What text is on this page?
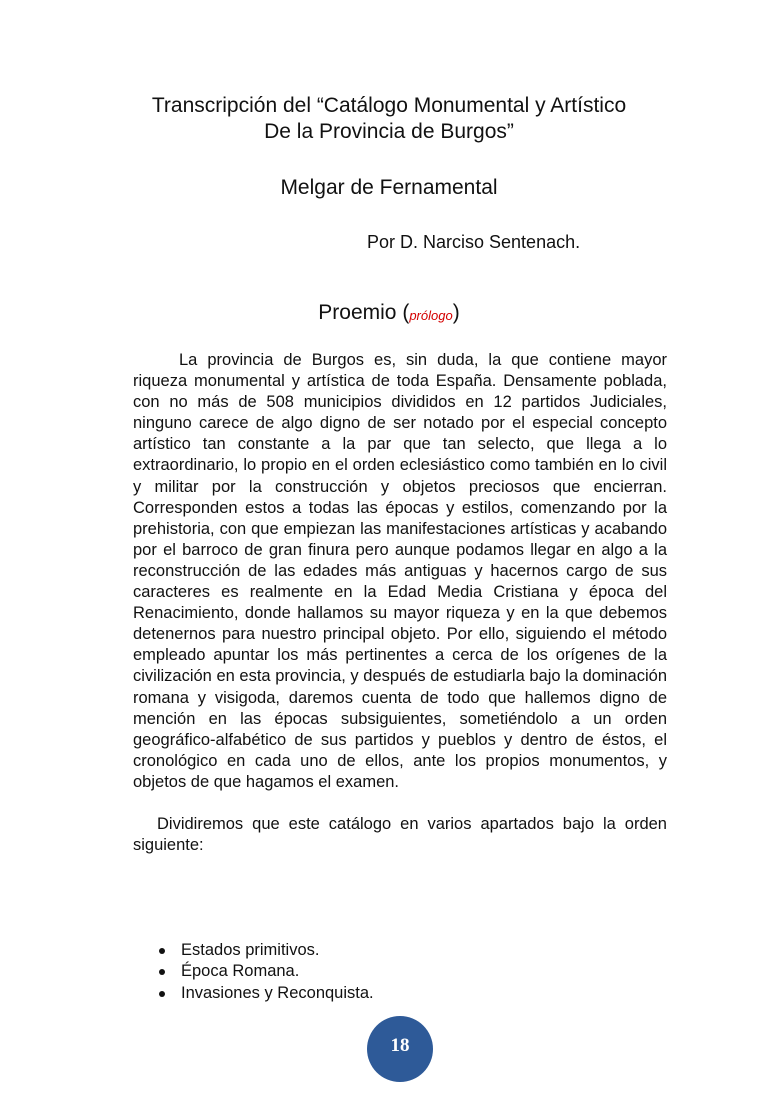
Transcripción del “Catálogo Monumental y Artístico
De la Provincia de Burgos”
Melgar de Fernamental
Por D. Narciso Sentenach.
Proemio (prólogo)

La provincia de Burgos es, sin duda, la que contiene mayor riqueza monumental y artística de toda España. Densamente poblada, con no más de 508 municipios divididos en 12 partidos Judiciales, ninguno carece de algo digno de ser notado por el especial concepto artístico tan constante a la par que tan selecto, que llega a lo extraordinario, lo propio en el orden eclesiástico como también en lo civil y militar por la construcción y objetos preciosos que encierran. Corresponden estos a todas las épocas y estilos, comenzando por la prehistoria, con que empiezan las manifestaciones artísticas y acabando por el barroco de gran finura pero aunque podamos llegar en algo a la reconstrucción de las edades más antiguas y hacernos cargo de sus caracteres es realmente en la Edad Media Cristiana y época del Renacimiento, donde hallamos su mayor riqueza y en la que debemos detenernos para nuestro principal objeto. Por ello, siguiendo el método empleado apuntar los más pertinentes a cerca de los orígenes de la civilización en esta provincia, y después de estudiarla bajo la dominación romana y visigoda, daremos cuenta de todo que hallemos digno de mención en las épocas subsiguientes, sometiéndolo a un orden geográfico-alfabético de sus partidos y pueblos y dentro de éstos, el cronológico en cada uno de ellos, ante los propios monumentos, y objetos de que hagamos el examen.

Dividiremos que este catálogo en varios apartados bajo la orden siguiente:

Estados primitivos.
Época Romana.
Invasiones y Reconquista.
18
